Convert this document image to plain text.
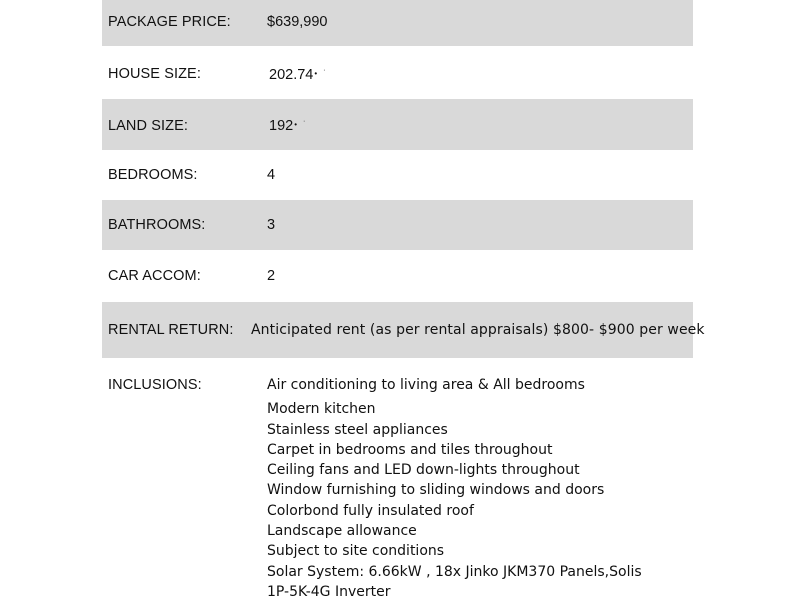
PACKAGE PRICE: $639,990
HOUSE SIZE:	202.74• ·
LAND SIZE:	192• ·
BEDROOMS:	4
BATHROOMS:	3
CAR ACCOM:	2
RENTAL RETURN: Anticipated rent (as per rental appraisals) $800- $900 per week
INCLUSIONS:	Air conditioning to living area & All bedrooms
Modern kitchen
Stainless steel appliances
Carpet in bedrooms and tiles throughout
Ceiling fans and LED down-lights throughout
Window furnishing to sliding windows and doors
Colorbond fully insulated roof
Landscape allowance
Subject to site conditions
Solar System: 6.66kW , 18x Jinko JKM370 Panels,Solis
1P-5K-4G Inverter
